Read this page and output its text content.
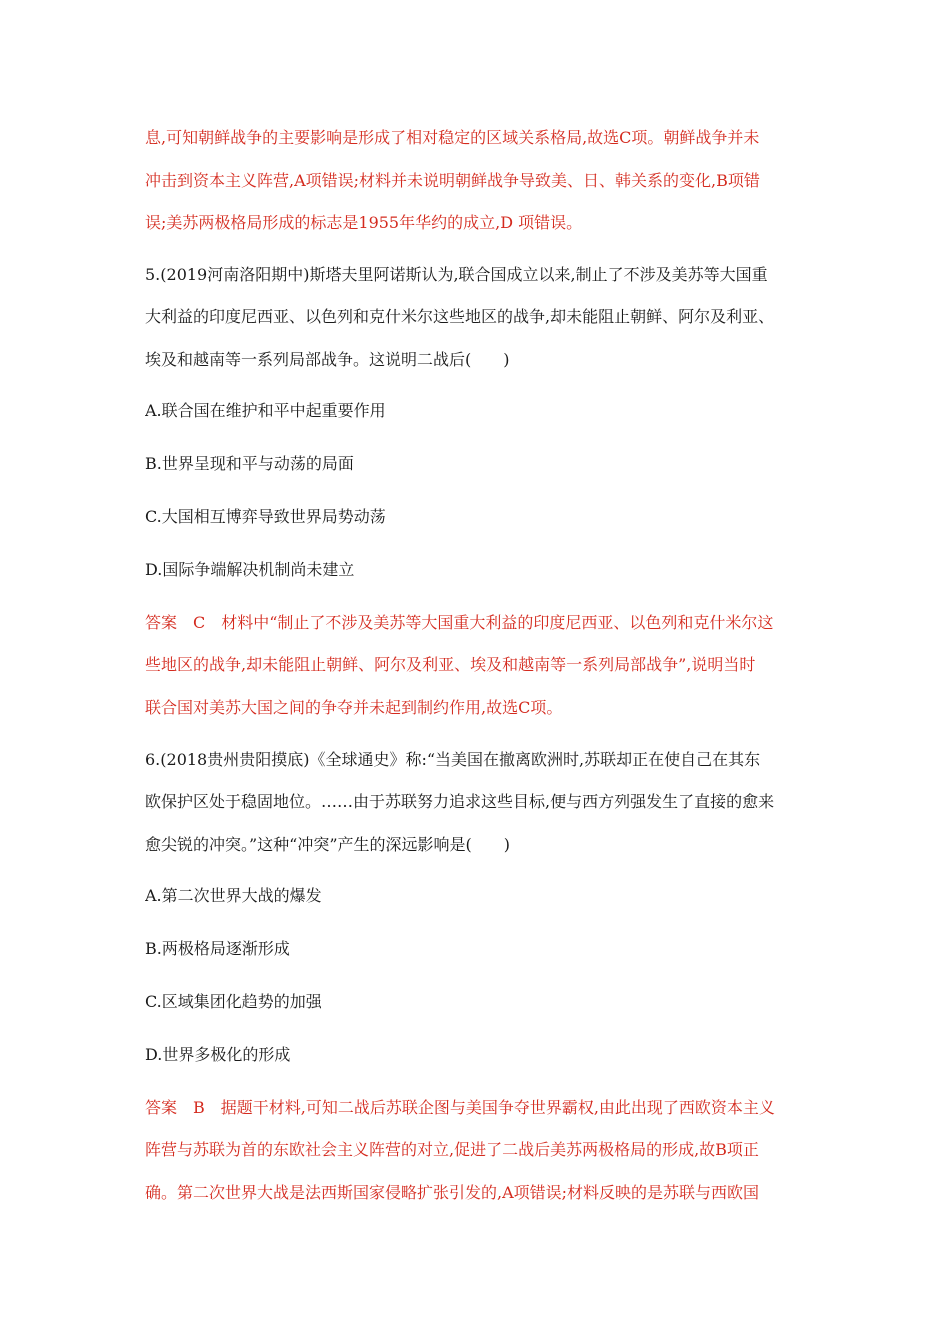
息,可知朝鲜战争的主要影响是形成了相对稳定的区域关系格局,故选C项。朝鲜战争并未
冲击到资本主义阵营,A项错误;材料并未说明朝鲜战争导致美、日、韩关系的变化,B项错
误;美苏两极格局形成的标志是1955年华约的成立,D 项错误。
5.(2019河南洛阳期中)斯塔夫里阿诺斯认为,联合国成立以来,制止了不涉及美苏等大国重
大利益的印度尼西亚、以色列和克什米尔这些地区的战争,却未能阻止朝鲜、阿尔及利亚、
埃及和越南等一系列局部战争。这说明二战后(　　)
A.联合国在维护和平中起重要作用
B.世界呈现和平与动荡的局面
C.大国相互博弈导致世界局势动荡
D.国际争端解决机制尚未建立
答案　C　材料中“制止了不涉及美苏等大国重大利益的印度尼西亚、以色列和克什米尔这
些地区的战争,却未能阻止朝鲜、阿尔及利亚、埃及和越南等一系列局部战争”,说明当时
联合国对美苏大国之间的争夺并未起到制约作用,故选C项。
6.(2018贵州贵阳摸底)《全球通史》称:“当美国在撤离欧洲时,苏联却正在使自己在其东
欧保护区处于稳固地位。……由于苏联努力追求这些目标,便与西方列强发生了直接的愈来
愈尖锐的冲突。”这种“冲突”产生的深远影响是(　　)
A.第二次世界大战的爆发
B.两极格局逐渐形成
C.区域集团化趋势的加强
D.世界多极化的形成
答案　B　据题干材料,可知二战后苏联企图与美国争夺世界霸权,由此出现了西欧资本主义
阵营与苏联为首的东欧社会主义阵营的对立,促进了二战后美苏两极格局的形成,故B项正
确。第二次世界大战是法西斯国家侵略扩张引发的,A项错误;材料反映的是苏联与西欧国
